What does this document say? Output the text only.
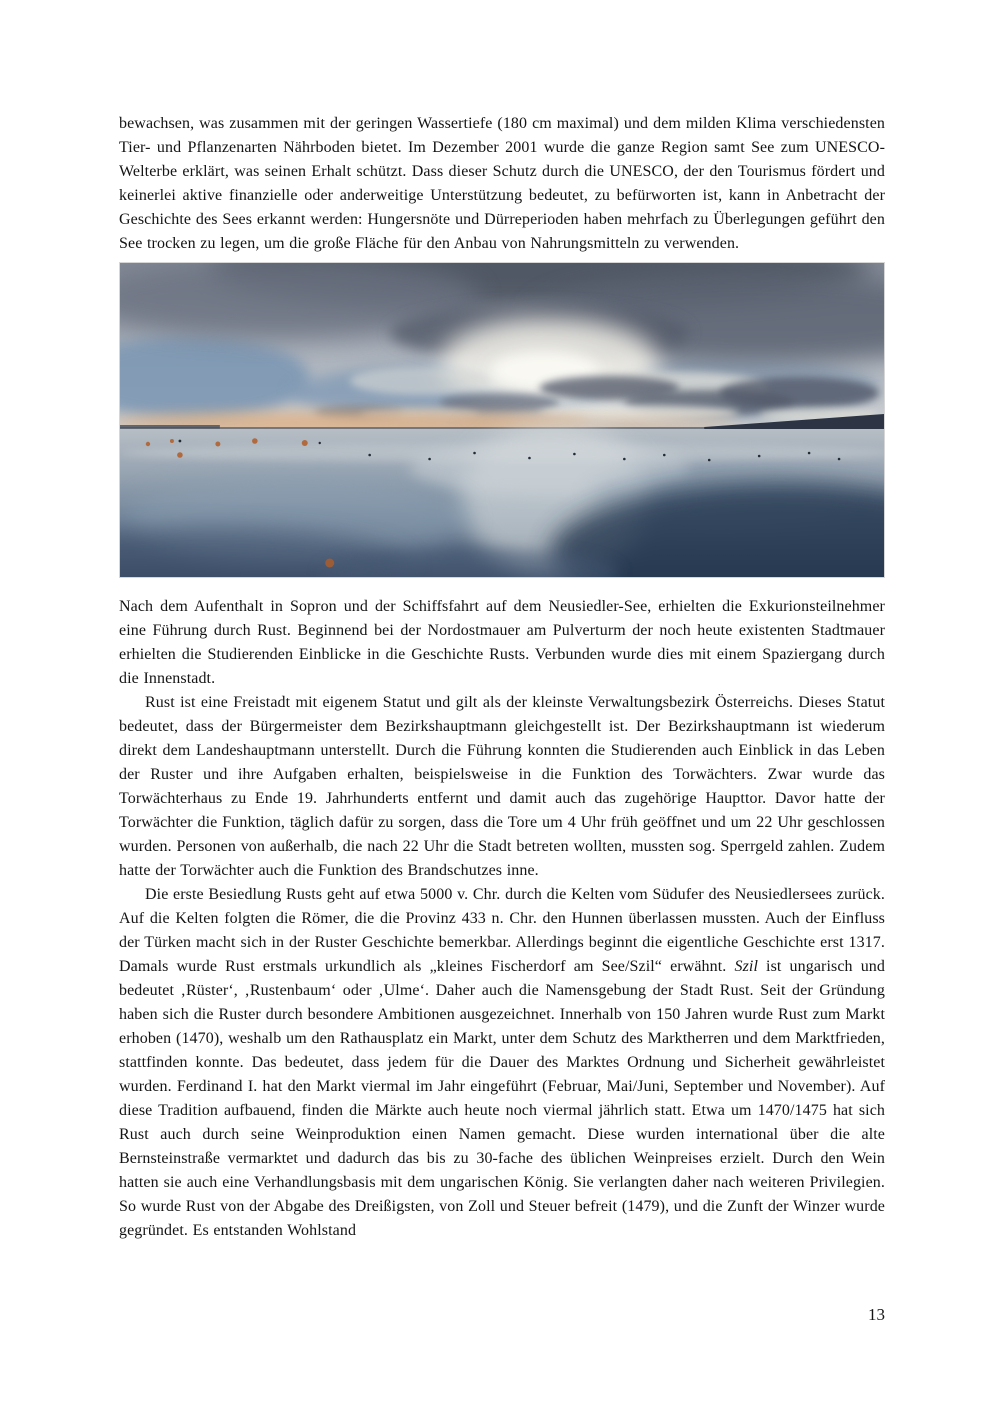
bewachsen, was zusammen mit der geringen Wassertiefe (180 cm maximal) und dem milden Klima verschiedensten Tier- und Pflanzenarten Nährboden bietet. Im Dezember 2001 wurde die ganze Region samt See zum UNESCO-Welterbe erklärt, was seinen Erhalt schützt. Dass dieser Schutz durch die UNESCO, der den Tourismus fördert und keinerlei aktive finanzielle oder anderweitige Unterstützung bedeutet, zu befürworten ist, kann in Anbetracht der Geschichte des Sees erkannt werden: Hungersnöte und Dürreperioden haben mehrfach zu Überlegungen geführt den See trocken zu legen, um die große Fläche für den Anbau von Nahrungsmitteln zu verwenden.

Nach dem Aufenthalt in Sopron und der Schiffsfahrt auf dem Neusiedler-See, erhielten die Exkurionsteilnehmer eine Führung durch Rust. Beginnend bei der Nordostmauer am Pulverturm der noch heute existenten Stadtmauer erhielten die Studierenden Einblicke in die Geschichte Rusts. Verbunden wurde dies mit einem Spaziergang durch die Innenstadt.

Rust ist eine Freistadt mit eigenem Statut und gilt als der kleinste Verwaltungsbezirk Österreichs. Dieses Statut bedeutet, dass der Bürgermeister dem Bezirkshauptmann gleichgestellt ist. Der Bezirkshauptmann ist wiederum direkt dem Landeshauptmann unterstellt. Durch die Führung konnten die Studierenden auch Einblick in das Leben der Ruster und ihre Aufgaben erhalten, beispielsweise in die Funktion des Torwächters. Zwar wurde das Torwächterhaus zu Ende 19. Jahrhunderts entfernt und damit auch das zugehörige Haupttor. Davor hatte der Torwächter die Funktion, täglich dafür zu sorgen, dass die Tore um 4 Uhr früh geöffnet und um 22 Uhr geschlossen wurden. Personen von außerhalb, die nach 22 Uhr die Stadt betreten wollten, mussten sog. Sperrgeld zahlen. Zudem hatte der Torwächter auch die Funktion des Brandschutzes inne.

Die erste Besiedlung Rusts geht auf etwa 5000 v. Chr. durch die Kelten vom Südufer des Neusiedlersees zurück. Auf die Kelten folgten die Römer, die die Provinz 433 n. Chr. den Hunnen überlassen mussten. Auch der Einfluss der Türken macht sich in der Ruster Geschichte bemerkbar. Allerdings beginnt die eigentliche Geschichte erst 1317. Damals wurde Rust erstmals urkundlich als „kleines Fischerdorf am See/Szil“ erwähnt. Szil ist ungarisch und bedeutet ‚Rüster‘, ‚Rustenbaum‘ oder ‚Ulme‘. Daher auch die Namensgebung der Stadt Rust. Seit der Gründung haben sich die Ruster durch besondere Ambitionen ausgezeichnet. Innerhalb von 150 Jahren wurde Rust zum Markt erhoben (1470), weshalb um den Rathausplatz ein Markt, unter dem Schutz des Marktherren und dem Marktfrieden, stattfinden konnte. Das bedeutet, dass jedem für die Dauer des Marktes Ordnung und Sicherheit gewährleistet wurden. Ferdinand I. hat den Markt viermal im Jahr eingeführt (Februar, Mai/Juni, September und November). Auf diese Tradition aufbauend, finden die Märkte auch heute noch viermal jährlich statt. Etwa um 1470/1475 hat sich Rust auch durch seine Weinproduktion einen Namen gemacht. Diese wurden international über die alte Bernsteinstraße vermarktet und dadurch das bis zu 30-fache des üblichen Weinpreises erzielt. Durch den Wein hatten sie auch eine Verhandlungsbasis mit dem ungarischen König. Sie verlangten daher nach weiteren Privilegien. So wurde Rust von der Abgabe des Dreißigsten, von Zoll und Steuer befreit (1479), und die Zunft der Winzer wurde gegründet. Es entstanden Wohlstand

13
